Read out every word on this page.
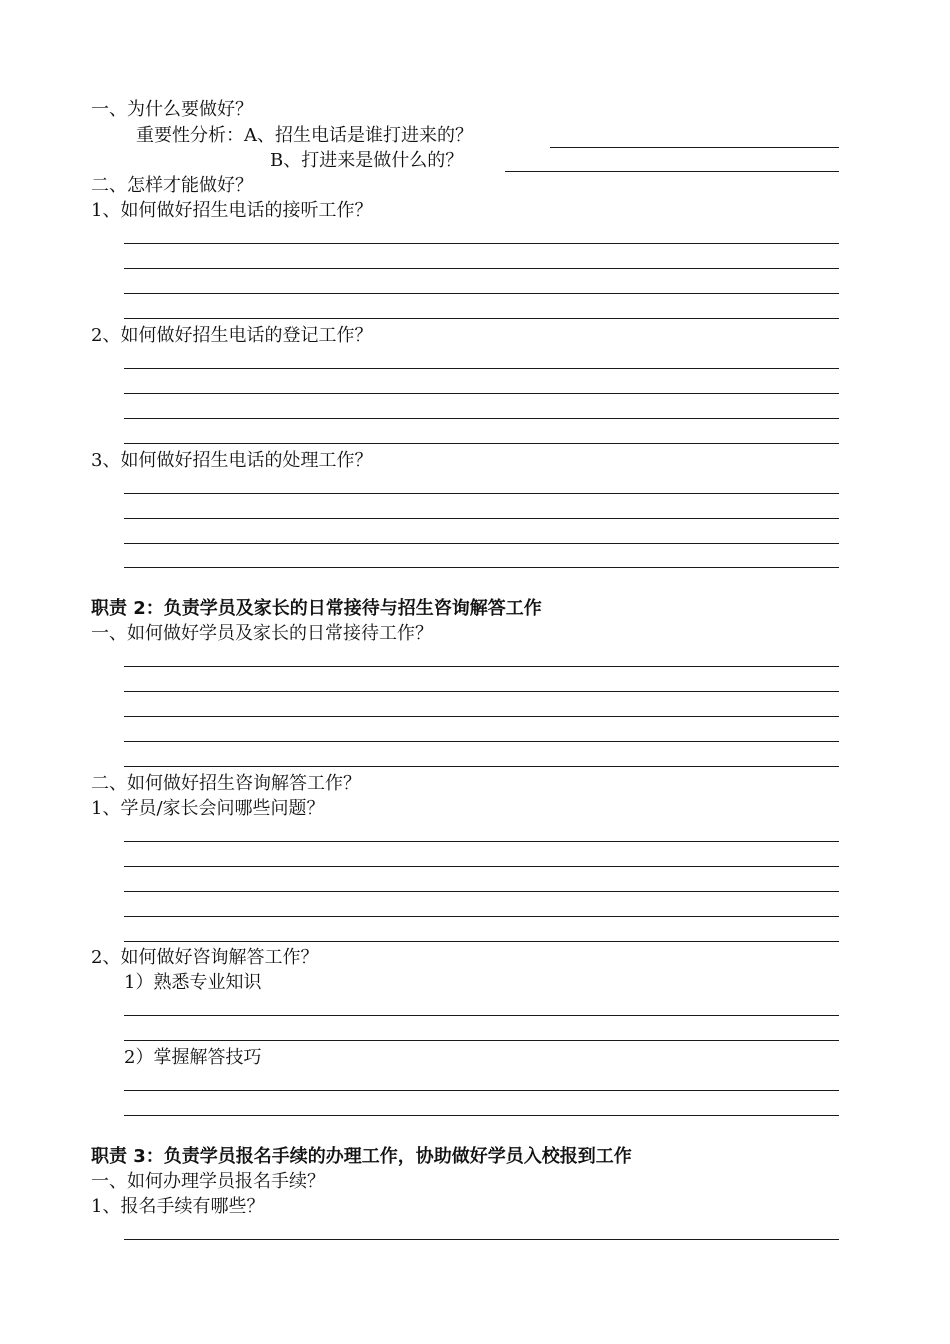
一、为什么要做好？
重要性分析：A、招生电话是谁打进来的？
B、打进来是做什么的？
二、怎样才能做好？
1、如何做好招生电话的接听工作？
2、如何做好招生电话的登记工作？
3、如何做好招生电话的处理工作？
职责 2：负责学员及家长的日常接待与招生咨询解答工作
一、如何做好学员及家长的日常接待工作？
二、如何做好招生咨询解答工作？
1、学员/家长会问哪些问题？
2、如何做好咨询解答工作？
1）熟悉专业知识
2）掌握解答技巧
职责 3：负责学员报名手续的办理工作，协助做好学员入校报到工作
一、如何办理学员报名手续？
1、报名手续有哪些？
